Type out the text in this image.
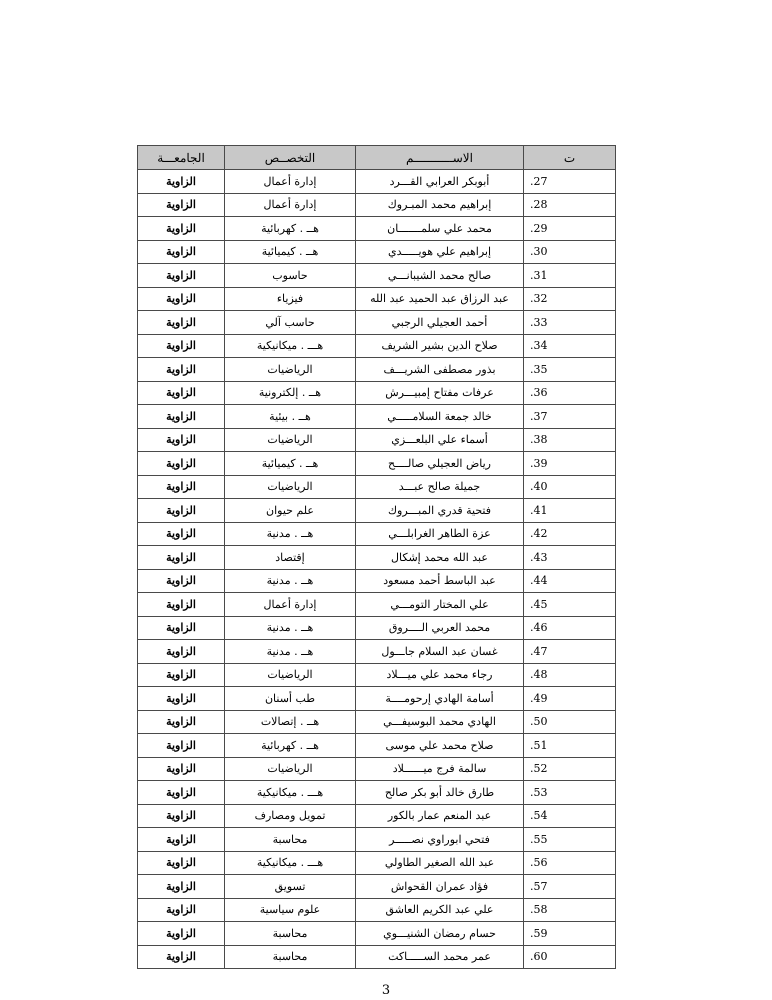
ت	الاســـــــــــم	التخصــص	الجامعـــة
27.	أبوبكر العرابي القـــرد	إدارة أعمال	الزاوية
28.	إبراهيم محمد المبـروك	إدارة أعمال	الزاوية
29.	محمد علي سلمـــــــان	هــ . كهربائية	الزاوية
30.	إبراهيم علي هويـــــدي	هــ . كيميائية	الزاوية
31.	صالح محمد الشيبانـــي	حاسوب	الزاوية
32.	عبد الرزاق عبد الحميد عبد الله	فيزياء	الزاوية
33.	أحمد العجيلي الرجبي	حاسب آلي	الزاوية
34.	صلاح الدين بشير الشريف	هـــ . ميكانيكية	الزاوية
35.	بذور مصطفى الشريـــف	الرياضيات	الزاوية
36.	عرفات مفتاح إمبيـــرش	هــ . إلكترونية	الزاوية
37.	خالد جمعة السلامـــــي	هــ . بيئية	الزاوية
38.	أسماء علي البلعـــزي	الرياضيات	الزاوية
39.	رياض العجيلي صالــــح	هــ . كيميائية	الزاوية
40.	جميلة صالح عبـــد	الرياضيات	الزاوية
41.	فتحية قدري المبـــروك	علم حيوان	الزاوية
42.	عزة الطاهر الغرابلـــي	هــ . مدنية	الزاوية
43.	عبد الله محمد إشكال	إقتصاد	الزاوية
44.	عبد الباسط أحمد مسعود	هــ . مدنية	الزاوية
45.	علي المختار التومـــي	إدارة أعمال	الزاوية
46.	محمد العربي الــــروق	هــ . مدنية	الزاوية
47.	غسان عبد السلام جاـــول	هــ . مدنية	الزاوية
48.	رجاء محمد علي ميـــلاد	الرياضيات	الزاوية
49.	أسامة الهادي إرحومــــة	طب أسنان	الزاوية
50.	الهادي محمد البوسيفـــي	هــ . إتصالات	الزاوية
51.	صلاح محمد علي موسى	هــ . كهربائية	الزاوية
52.	سالمة فرج ميــــــلاد	الرياضيات	الزاوية
53.	طارق خالد أبو بكر صالح	هـــ . ميكانيكية	الزاوية
54.	عبد المنعم عمار بالكور	تمويل ومصارف	الزاوية
55.	فتحي ابوراوي نصـــــر	محاسبة	الزاوية
56.	عبد الله الصغير الطاولي	هـــ . ميكانيكية	الزاوية
57.	فؤاد عمران القحواش	تسويق	الزاوية
58.	علي عبد الكريم العاشق	علوم سياسية	الزاوية
59.	حسام رمضان الشنيـــوي	محاسبة	الزاوية
60.	عمر محمد الســـــاكت	محاسبة	الزاوية
3
